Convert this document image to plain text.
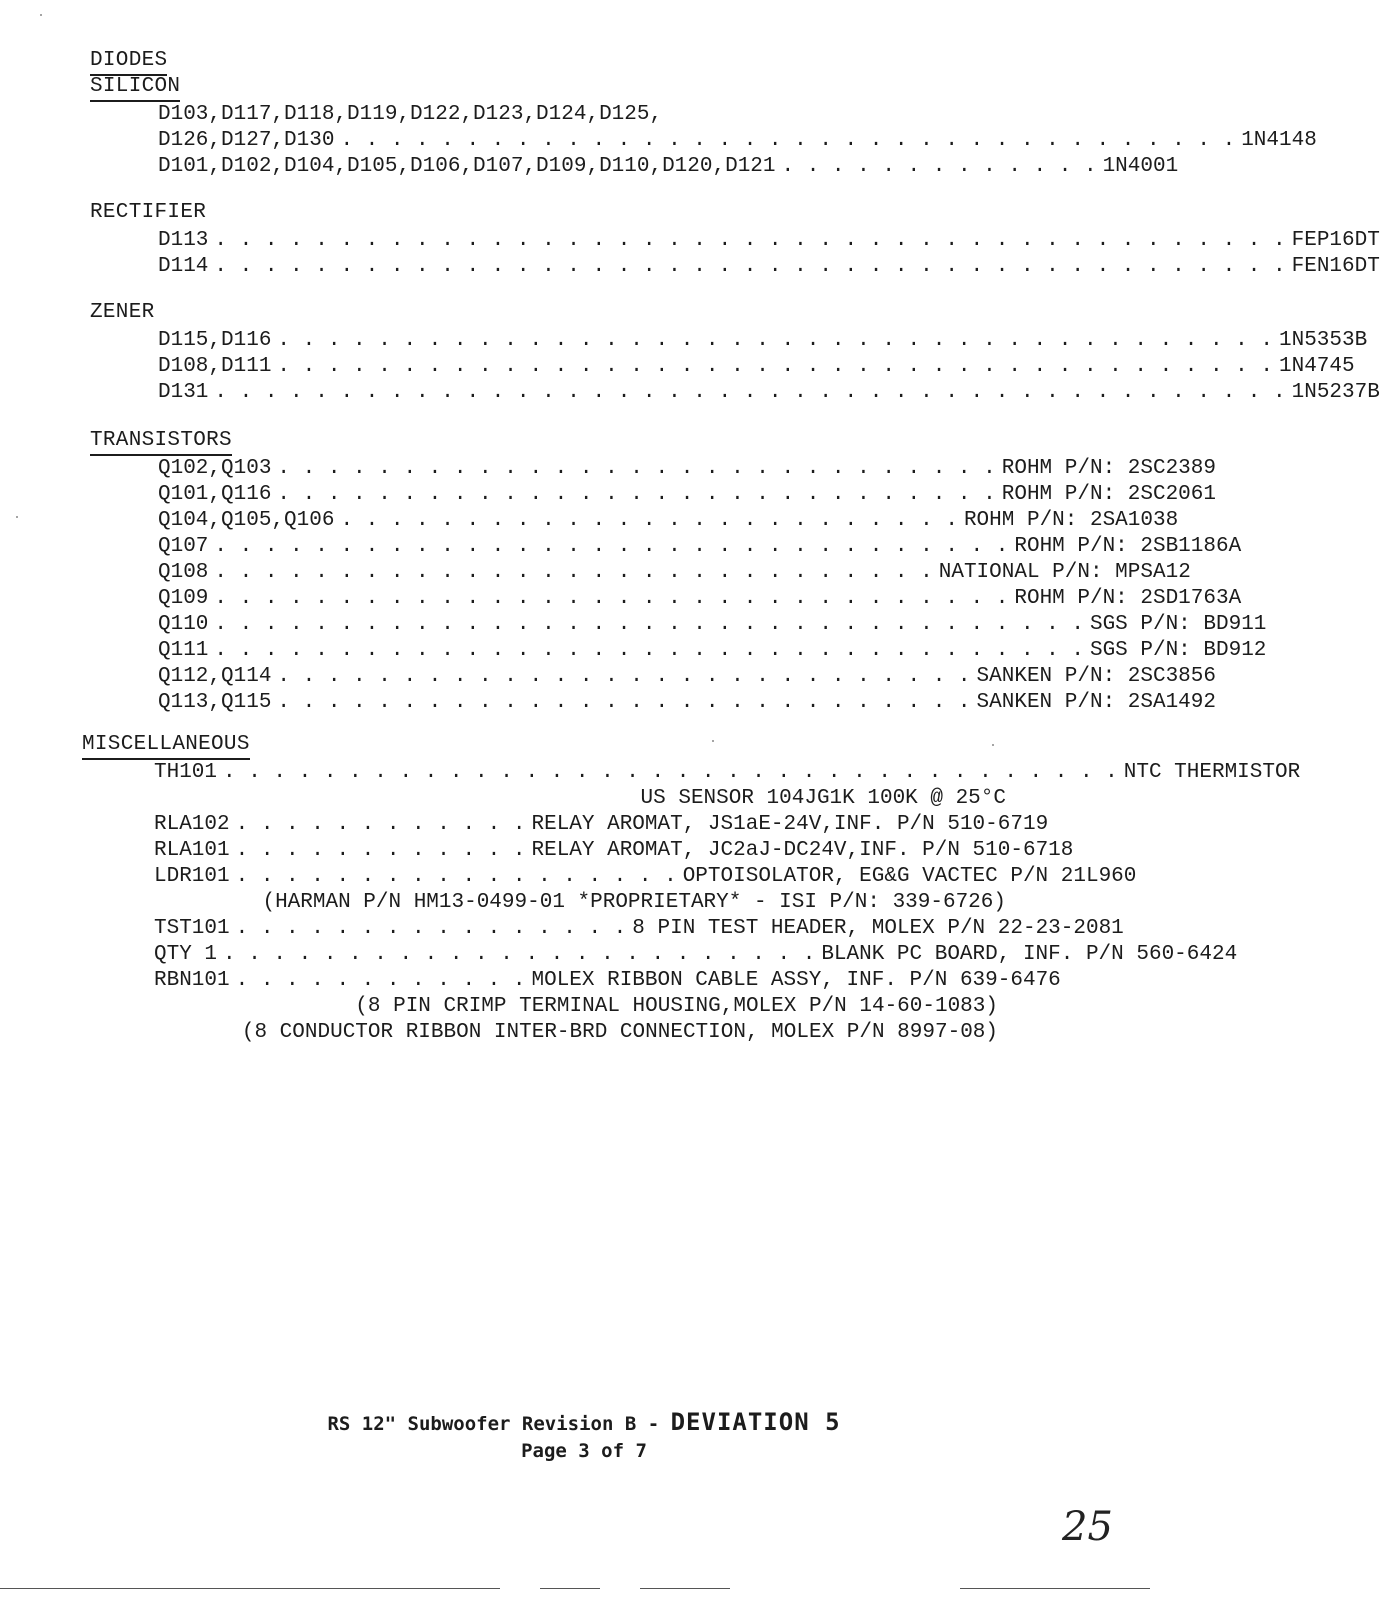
DIODES
SILICON
D103,D117,D118,D119,D122,D123,D124,D125,
D126,D127,D130 . . . . . . . . . . . . . . . . . . . . . . . . . . . . . . . . . . . . 1N4148
D101,D102,D104,D105,D106,D107,D109,D110,D120,D121 . . . . . . . . . . . . . 1N4001
RECTIFIER
D113 . . . . . . . . . . . . . . . . . . . . . . . . . . . . . . . . . . . . . . . . . . . FEP16DT
D114 . . . . . . . . . . . . . . . . . . . . . . . . . . . . . . . . . . . . . . . . . . . FEN16DT
ZENER
D115,D116 . . . . . . . . . . . . . . . . . . . . . . . . . . . . . . . . . . . . . . . . 1N5353B
D108,D111 . . . . . . . . . . . . . . . . . . . . . . . . . . . . . . . . . . . . . . . . 1N4745
D131 . . . . . . . . . . . . . . . . . . . . . . . . . . . . . . . . . . . . . . . . . . . 1N5237B
TRANSISTORS
Q102,Q103 . . . . . . . . . . . . . . . . . . . . . . . . . . . . . ROHM P/N: 2SC2389
Q101,Q116 . . . . . . . . . . . . . . . . . . . . . . . . . . . . . ROHM P/N: 2SC2061
Q104,Q105,Q106 . . . . . . . . . . . . . . . . . . . . . . . . . ROHM P/N: 2SA1038
Q107 . . . . . . . . . . . . . . . . . . . . . . . . . . . . . . . . ROHM P/N: 2SB1186A
Q108 . . . . . . . . . . . . . . . . . . . . . . . . . . . . . NATIONAL P/N: MPSA12
Q109 . . . . . . . . . . . . . . . . . . . . . . . . . . . . . . . . ROHM P/N: 2SD1763A
Q110 . . . . . . . . . . . . . . . . . . . . . . . . . . . . . . . . . . . SGS P/N: BD911
Q111 . . . . . . . . . . . . . . . . . . . . . . . . . . . . . . . . . . . SGS P/N: BD912
Q112,Q114 . . . . . . . . . . . . . . . . . . . . . . . . . . . . SANKEN P/N: 2SC3856
Q113,Q115 . . . . . . . . . . . . . . . . . . . . . . . . . . . . SANKEN P/N: 2SA1492
MISCELLANEOUS
TH101 . . . . . . . . . . . . . . . . . . . . . . . . . . . . . . . . . . . . NTC THERMISTOR
US SENSOR 104JG1K 100K @ 25°C
RLA102 . . . . . . . . . . . . RELAY AROMAT, JS1aE-24V,INF. P/N 510-6719
RLA101 . . . . . . . . . . . . RELAY AROMAT, JC2aJ-DC24V,INF. P/N 510-6718
LDR101 . . . . . . . . . . . . . . . . . . OPTOISOLATOR, EG&G VACTEC P/N 21L960
(HARMAN P/N HM13-0499-01 *PROPRIETARY* - ISI P/N: 339-6726)
TST101 . . . . . . . . . . . . . . . . 8 PIN TEST HEADER, MOLEX P/N 22-23-2081
QTY 1 . . . . . . . . . . . . . . . . . . . . . . . . BLANK PC BOARD, INF. P/N 560-6424
RBN101 . . . . . . . . . . . . MOLEX RIBBON CABLE ASSY, INF. P/N 639-6476
(8 PIN CRIMP TERMINAL HOUSING,MOLEX P/N 14-60-1083)
(8 CONDUCTOR RIBBON INTER-BRD CONNECTION, MOLEX P/N 8997-08)
RS 12" Subwoofer Revision B - DEVIATION 5
Page 3 of 7
25
